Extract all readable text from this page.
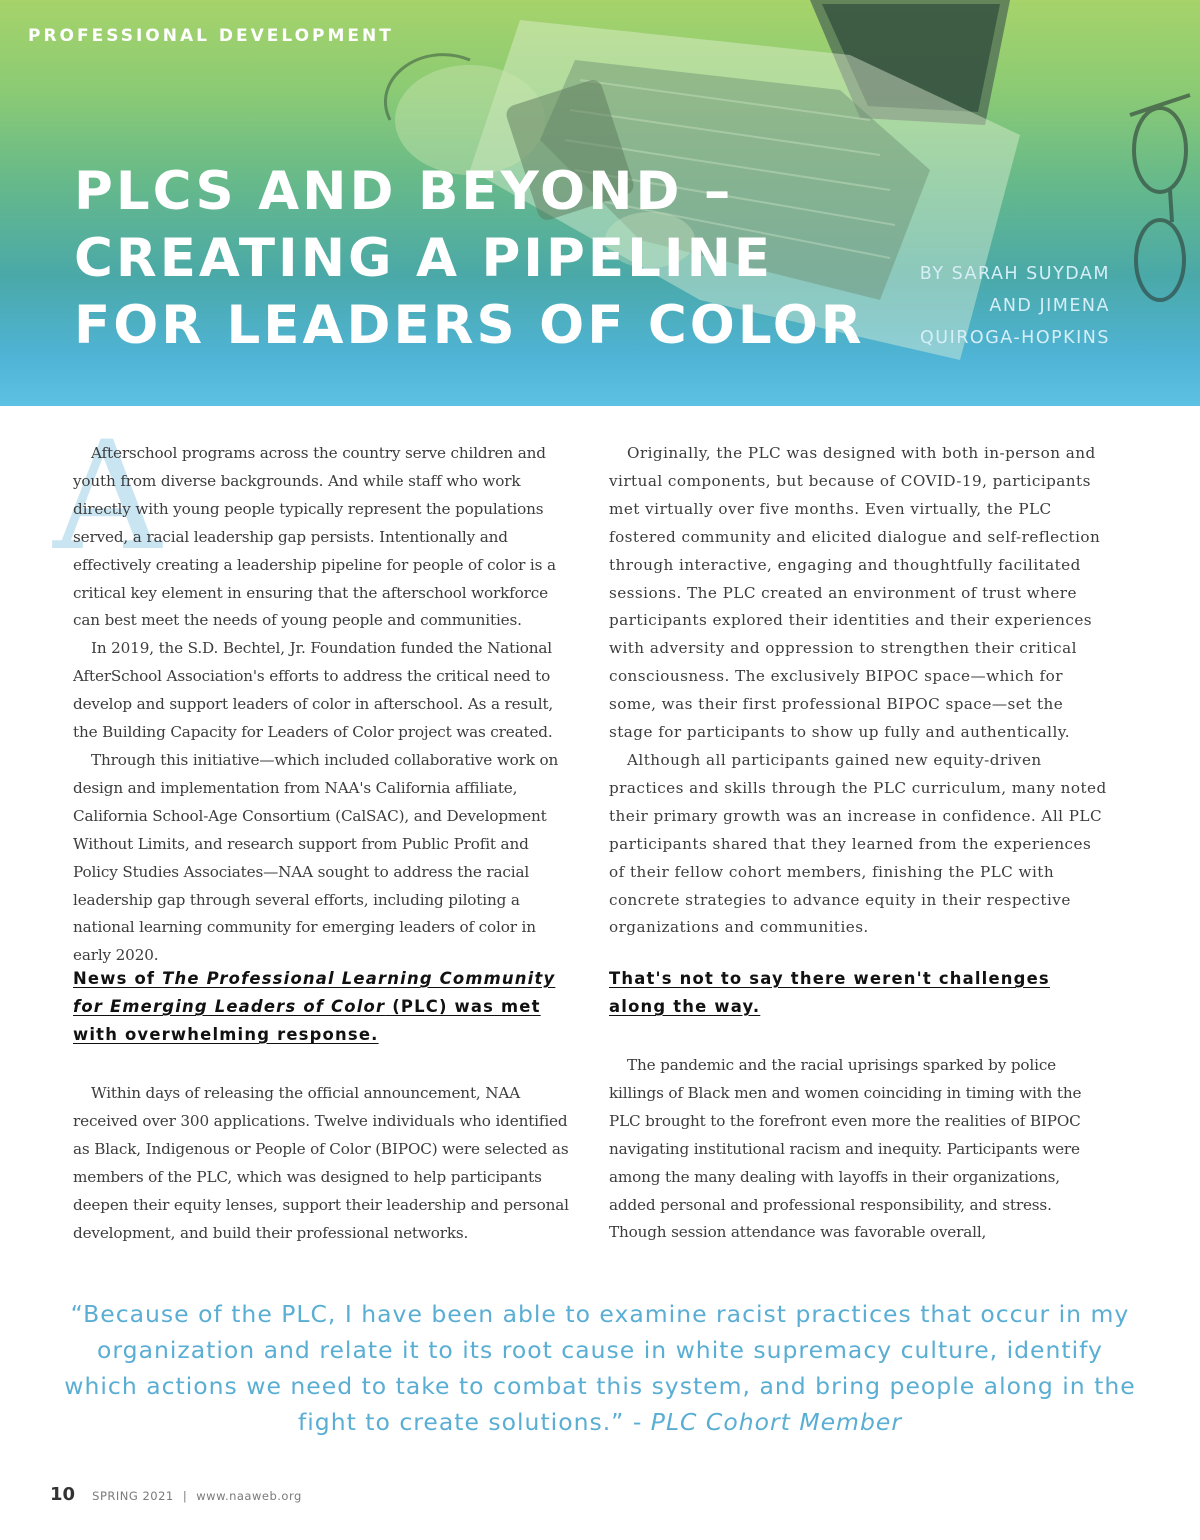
PROFESSIONAL DEVELOPMENT

PLCS AND BEYOND –
CREATING A PIPELINE
FOR LEADERS OF COLOR

BY SARAH SUYDAM
AND JIMENA
QUIROGA-HOPKINS

A

Afterschool programs across the country serve children and youth from diverse backgrounds. And while staff who work directly with young people typically represent the populations served, a racial leadership gap persists. Intentionally and effectively creating a leadership pipeline for people of color is a critical key element in ensuring that the afterschool workforce can best meet the needs of young people and communities.

In 2019, the S.D. Bechtel, Jr. Foundation funded the National AfterSchool Association's efforts to address the critical need to develop and support leaders of color in afterschool. As a result, the Building Capacity for Leaders of Color project was created.

Through this initiative—which included collaborative work on design and implementation from NAA's California affiliate, California School-Age Consortium (CalSAC), and Development Without Limits, and research support from Public Profit and Policy Studies Associates—NAA sought to address the racial leadership gap through several efforts, including piloting a national learning community for emerging leaders of color in early 2020.

News of The Professional Learning Community for Emerging Leaders of Color (PLC) was met with overwhelming response.

Within days of releasing the official announcement, NAA received over 300 applications. Twelve individuals who identified as Black, Indigenous or People of Color (BIPOC) were selected as members of the PLC, which was designed to help participants deepen their equity lenses, support their leadership and personal development, and build their professional networks.

Originally, the PLC was designed with both in-person and virtual components, but because of COVID-19, participants met virtually over five months. Even virtually, the PLC fostered community and elicited dialogue and self-reflection through interactive, engaging and thoughtfully facilitated sessions. The PLC created an environment of trust where participants explored their identities and their experiences with adversity and oppression to strengthen their critical consciousness. The exclusively BIPOC space—which for some, was their first professional BIPOC space—set the stage for participants to show up fully and authentically.

Although all participants gained new equity-driven practices and skills through the PLC curriculum, many noted their primary growth was an increase in confidence. All PLC participants shared that they learned from the experiences of their fellow cohort members, finishing the PLC with concrete strategies to advance equity in their respective organizations and communities.

That's not to say there weren't challenges along the way.

The pandemic and the racial uprisings sparked by police killings of Black men and women coinciding in timing with the PLC brought to the forefront even more the realities of BIPOC navigating institutional racism and inequity. Participants were among the many dealing with layoffs in their organizations, added personal and professional responsibility, and stress. Though session attendance was favorable overall,

“Because of the PLC, I have been able to examine racist practices that occur in my organization and relate it to its root cause in white supremacy culture, identify which actions we need to take to combat this system, and bring people along in the fight to create solutions.” - PLC Cohort Member

10 SPRING 2021 | www.naaweb.org
